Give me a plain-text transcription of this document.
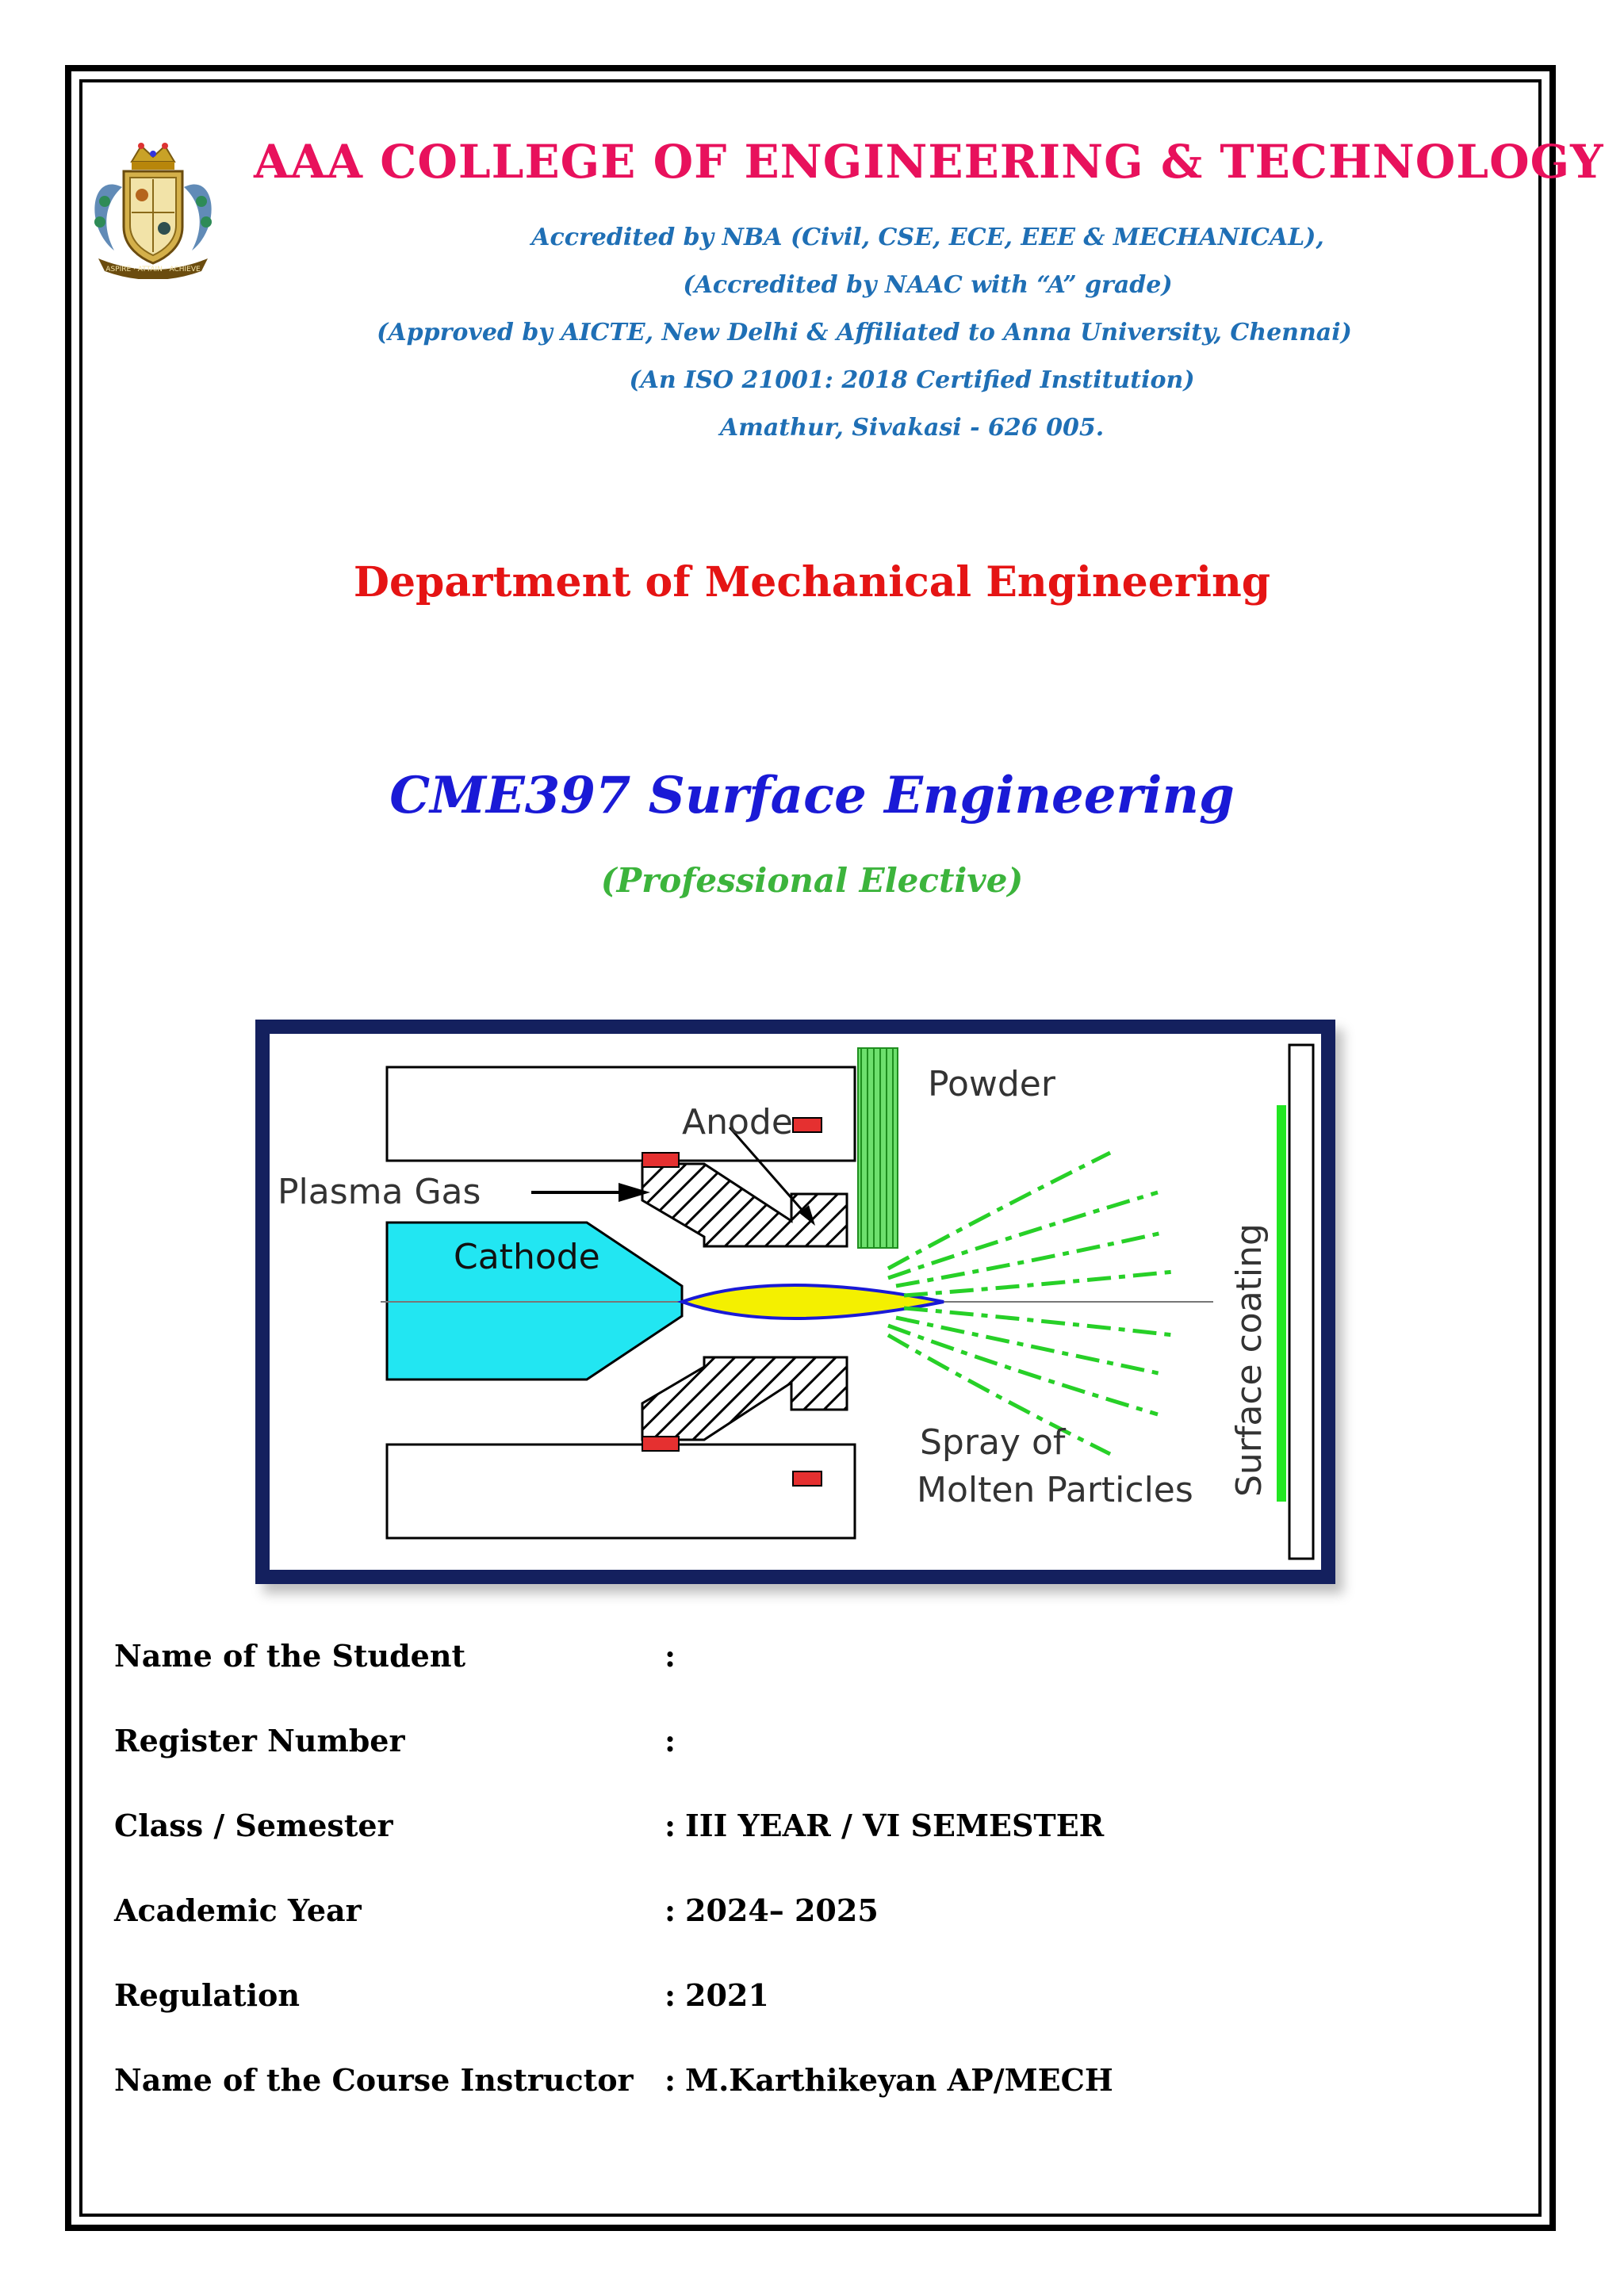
ASPIRE · ATTAIN · ACHIEVE
AAA COLLEGE OF ENGINEERING & TECHNOLOGY

Accredited by NBA (Civil, CSE, ECE, EEE & MECHANICAL),

(Accredited by NAAC with “A” grade)

(Approved by AICTE, New Delhi & Affiliated to Anna University, Chennai)

(An ISO 21001: 2018 Certified Institution)

Amathur, Sivakasi - 626 005.

Department of Mechanical Engineering
CME397 Surface Engineering

(Professional Elective)

Powder
Anode
Plasma Gas
Cathode
Spray of
Molten Particles Surface coating
Name of the Student	:
Register Number	:
Class / Semester	: III YEAR / VI SEMESTER
Academic Year	: 2024– 2025
Regulation	: 2021
Name of the Course Instructor : M.Karthikeyan AP/MECH
